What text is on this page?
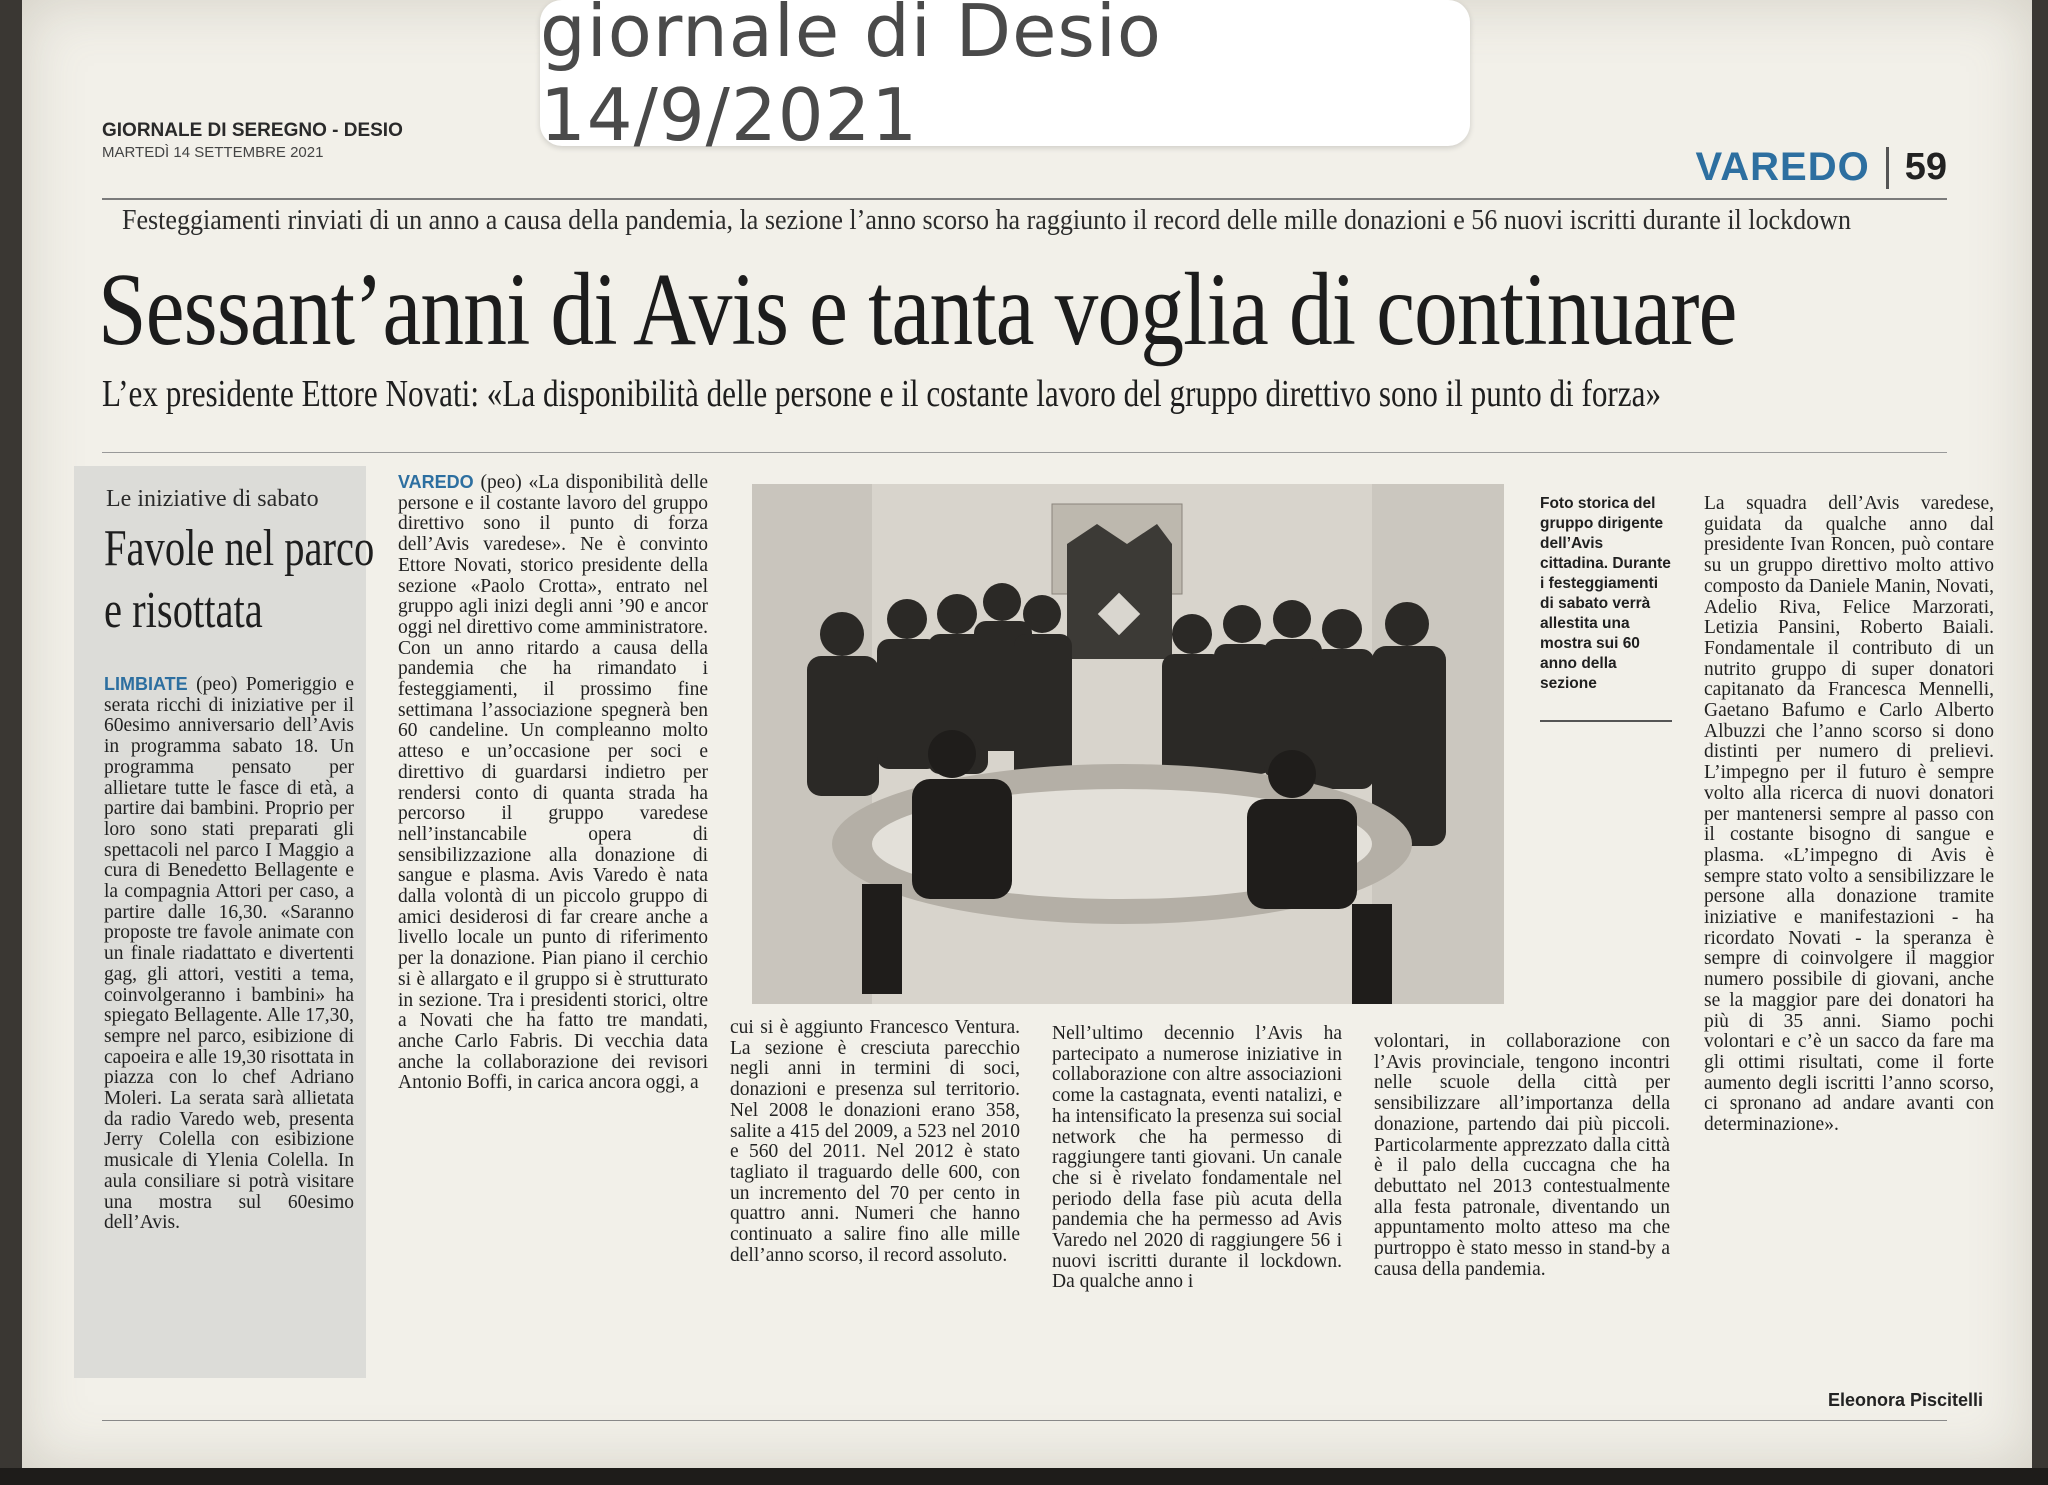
GIORNALE DI SEREGNO - DESIO
MARTEDÌ 14 SETTEMBRE 2021	VAREDO 59
Festeggiamenti rinviati di un anno a causa della pandemia, la sezione l’anno scorso ha raggiunto il record delle mille donazioni e 56 nuovi iscritti durante il lockdown
Sessant’anni di Avis e tanta voglia di continuare
L’ex presidente Ettore Novati: «La disponibilità delle persone e il costante lavoro del gruppo direttivo sono il punto di forza»
Le iniziative di sabato
Favole nel parco e risottata
LIMBIATE (peo) Pomeriggio e serata ricchi di iniziative per il 60esimo anniversario dell’Avis in programma sabato 18. Un programma pensato per allietare tutte le fasce di età, a partire dai bambini. Proprio per loro sono stati preparati gli spettacoli nel parco I Maggio a cura di Benedetto Bellagente e la compagnia Attori per caso, a partire dalle 16,30. «Saranno proposte tre favole animate con un finale riadattato e divertenti gag, gli attori, vestiti a tema, coinvolgeranno i bambini» ha spiegato Bellagente. Alle 17,30, sempre nel parco, esibizione di capoeira e alle 19,30 risottata in piazza con lo chef Adriano Moleri. La serata sarà allietata da radio Varedo web, presenta Jerry Colella con esibizione musicale di Ylenia Colella. In aula consiliare si potrà visitare una mostra sul 60esimo dell’Avis.
VAREDO (peo) «La disponibilità delle persone e il costante lavoro del gruppo direttivo sono il punto di forza dell’Avis varedese». Ne è convinto Ettore Novati, storico presidente della sezione «Paolo Crotta», entrato nel gruppo agli inizi degli anni ’90 e ancor oggi nel direttivo come amministratore. Con un anno ritardo a causa della pandemia che ha rimandato i festeggiamenti, il prossimo fine settimana l’associazione spegnerà ben 60 candeline. Un compleanno molto atteso e un’occasione per soci e direttivo di guardarsi indietro per rendersi conto di quanta strada ha percorso il gruppo varedese nell’instancabile opera di sensibilizzazione alla donazione di sangue e plasma. Avis Varedo è nata dalla volontà di un piccolo gruppo di amici desiderosi di far creare anche a livello locale un punto di riferimento per la donazione. Pian piano il cerchio si è allargato e il gruppo si è strutturato in sezione. Tra i presidenti storici, oltre a Novati che ha fatto tre mandati, anche Carlo Fabris. Di vecchia data anche la collaborazione dei revisori Antonio Boffi, in carica ancora oggi, a
Foto storica del gruppo dirigente dell’Avis cittadina. Durante i festeggiamenti di sabato verrà allestita una mostra sui 60 anno della sezione
cui si è aggiunto Francesco Ventura. La sezione è cresciuta parecchio negli anni in termini di soci, donazioni e presenza sul territorio. Nel 2008 le donazioni erano 358, salite a 415 del 2009, a 523 nel 2010 e 560 del 2011. Nel 2012 è stato tagliato il traguardo delle 600, con un incremento del 70 per cento in quattro anni. Numeri che hanno continuato a salire fino alle mille dell’anno scorso, il record assoluto.
Nell’ultimo decennio l’Avis ha partecipato a numerose iniziative in collaborazione con altre associazioni come la castagnata, eventi natalizi, e ha intensificato la presenza sui social network che ha permesso di raggiungere tanti giovani. Un canale che si è rivelato fondamentale nel periodo della fase più acuta della pandemia che ha permesso ad Avis Varedo nel 2020 di raggiungere 56 i nuovi iscritti durante il lockdown. Da qualche anno i
volontari, in collaborazione con l’Avis provinciale, tengono incontri nelle scuole della città per sensibilizzare all’importanza della donazione, partendo dai più piccoli. Particolarmente apprezzato dalla città è il palo della cuccagna che ha debuttato nel 2013 contestualmente alla festa patronale, diventando un appuntamento molto atteso ma che purtroppo è stato messo in stand-by a causa della pandemia.
La squadra dell’Avis varedese, guidata da qualche anno dal presidente Ivan Roncen, può contare su un gruppo direttivo molto attivo composto da Daniele Manin, Novati, Adelio Riva, Felice Marzorati, Letizia Pansini, Roberto Baiali. Fondamentale il contributo di un nutrito gruppo di super donatori capitanato da Francesca Mennelli, Gaetano Bafumo e Carlo Alberto Albuzzi che l’anno scorso si dono distinti per numero di prelievi. L’impegno per il futuro è sempre volto alla ricerca di nuovi donatori per mantenersi sempre al passo con il costante bisogno di sangue e plasma. «L’impegno di Avis è sempre stato volto a sensibilizzare le persone alla donazione tramite iniziative e manifestazioni - ha ricordato Novati - la speranza è sempre di coinvolgere il maggior numero possibile di giovani, anche se la maggior pare dei donatori ha più di 35 anni. Siamo pochi volontari e c’è un sacco da fare ma gli ottimi risultati, come il forte aumento degli iscritti l’anno scorso, ci spronano ad andare avanti con determinazione».
Eleonora Piscitelli
giornale di Desio 14/9/2021
